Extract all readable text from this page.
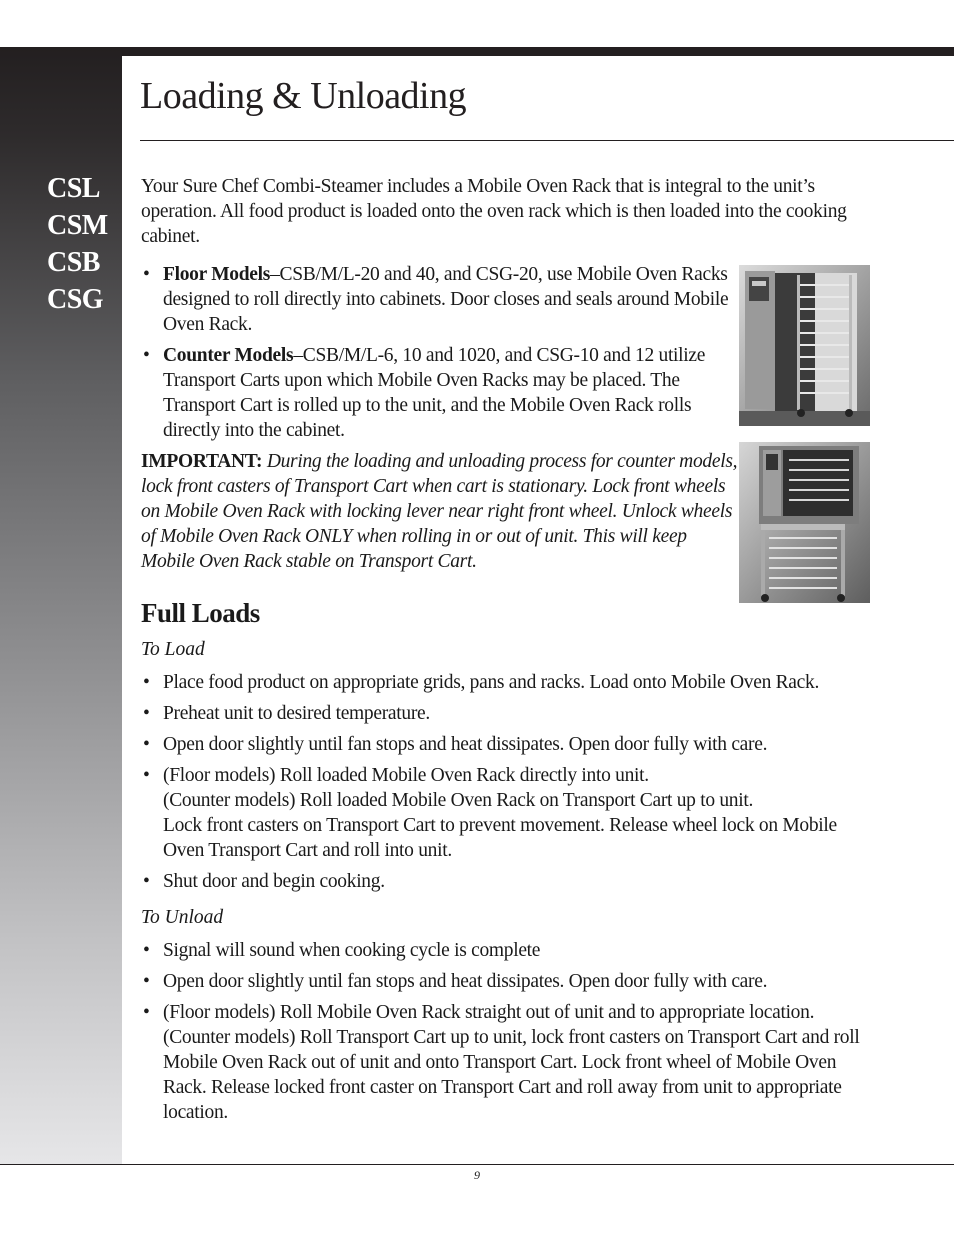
CSL
CSM
CSB
CSG
Loading & Unloading

Your Sure Chef Combi-Steamer includes a Mobile Oven Rack that is integral to the unit’s operation. All food product is loaded onto the oven rack which is then loaded into the cooking cabinet.

• Floor Models–CSB/M/L-20 and 40, and CSG-20, use Mobile Oven Racks designed to roll directly into cabinets. Door closes and seals around Mobile Oven Rack.
• Counter Models–CSB/M/L-6, 10 and 1020, and CSG-10 and 12 utilize Transport Carts upon which Mobile Oven Racks may be placed. The Transport Cart is rolled up to the unit, and the Mobile Oven Rack rolls directly into the cabinet.

IMPORTANT: During the loading and unloading process for counter models, lock front casters of Transport Cart when cart is stationary. Lock front wheels on Mobile Oven Rack with locking lever near right front wheel. Unlock wheels of Mobile Oven Rack ONLY when rolling in or out of unit. This will keep Mobile Oven Rack stable on Transport Cart.

Full Loads

To Load

• Place food product on appropriate grids, pans and racks. Load onto Mobile Oven Rack.
• Preheat unit to desired temperature.
• Open door slightly until fan stops and heat dissipates. Open door fully with care.
• (Floor models) Roll loaded Mobile Oven Rack directly into unit.
(Counter models) Roll loaded Mobile Oven Rack on Transport Cart up to unit.
Lock front casters on Transport Cart to prevent movement. Release wheel lock on Mobile Oven Transport Cart and roll into unit.
• Shut door and begin cooking.

To Unload

• Signal will sound when cooking cycle is complete
• Open door slightly until fan stops and heat dissipates. Open door fully with care.
• (Floor models) Roll Mobile Oven Rack straight out of unit and to appropriate location.
(Counter models) Roll Transport Cart up to unit, lock front casters on Transport Cart and roll Mobile Oven Rack out of unit and onto Transport Cart. Lock front wheel of Mobile Oven Rack. Release locked front caster on Transport Cart and roll away from unit to appropriate location.
9
